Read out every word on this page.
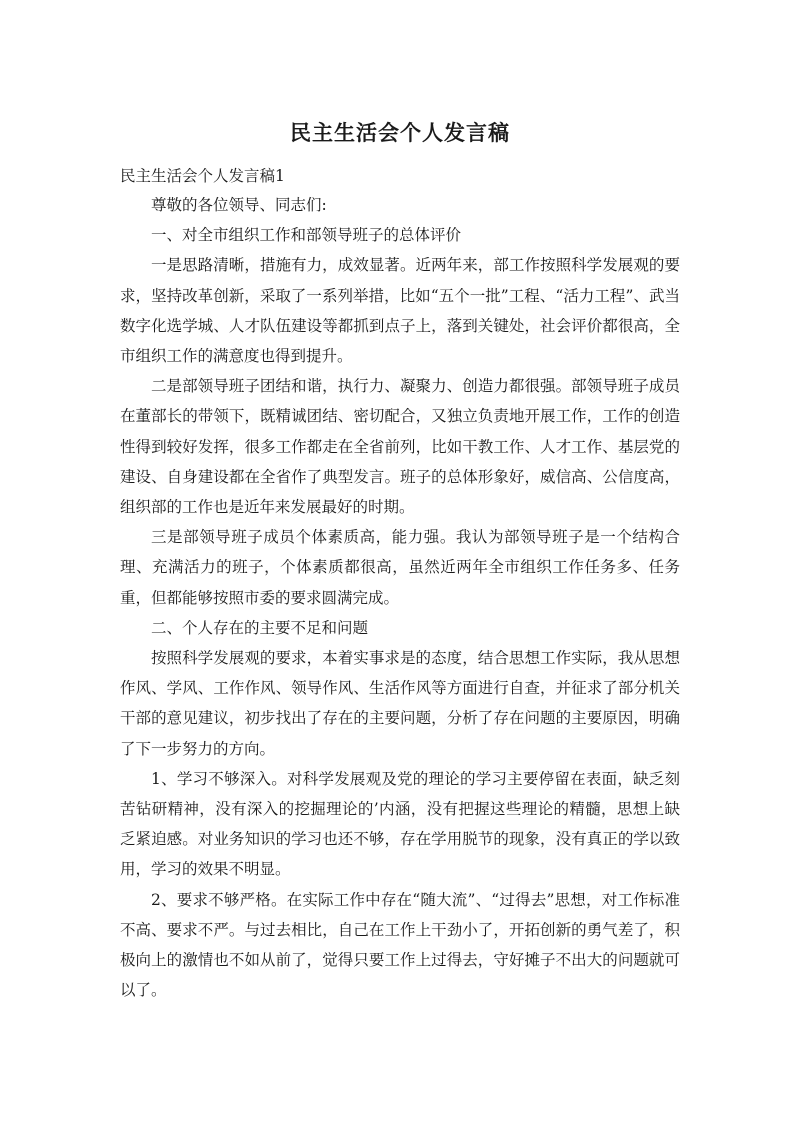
民主生活会个人发言稿
民主生活会个人发言稿1

尊敬的各位领导、同志们:

一、对全市组织工作和部领导班子的总体评价

一是思路清晰，措施有力，成效显著。近两年来，部工作按照科学发展观的要求，坚持改革创新，采取了一系列举措，比如“五个一批”工程、“活力工程”、武当数字化选学城、人才队伍建设等都抓到点子上，落到关键处，社会评价都很高，全市组织工作的满意度也得到提升。

二是部领导班子团结和谐，执行力、凝聚力、创造力都很强。部领导班子成员在董部长的带领下，既精诚团结、密切配合，又独立负责地开展工作，工作的创造性得到较好发挥，很多工作都走在全省前列，比如干教工作、人才工作、基层党的建设、自身建设都在全省作了典型发言。班子的总体形象好，威信高、公信度高，组织部的工作也是近年来发展最好的时期。

三是部领导班子成员个体素质高，能力强。我认为部领导班子是一个结构合理、充满活力的班子，个体素质都很高，虽然近两年全市组织工作任务多、任务重，但都能够按照市委的要求圆满完成。

二、个人存在的主要不足和问题

按照科学发展观的要求，本着实事求是的态度，结合思想工作实际，我从思想作风、学风、工作作风、领导作风、生活作风等方面进行自查，并征求了部分机关干部的意见建议，初步找出了存在的主要问题，分析了存在问题的主要原因，明确了下一步努力的方向。

1、学习不够深入。对科学发展观及党的理论的学习主要停留在表面，缺乏刻苦钻研精神，没有深入的挖掘理论的’内涵，没有把握这些理论的精髓，思想上缺乏紧迫感。对业务知识的学习也还不够，存在学用脱节的现象，没有真正的学以致用，学习的效果不明显。

2、要求不够严格。在实际工作中存在“随大流”、“过得去”思想，对工作标准不高、要求不严。与过去相比，自己在工作上干劲小了，开拓创新的勇气差了，积极向上的激情也不如从前了，觉得只要工作上过得去，守好摊子不出大的问题就可以了。
